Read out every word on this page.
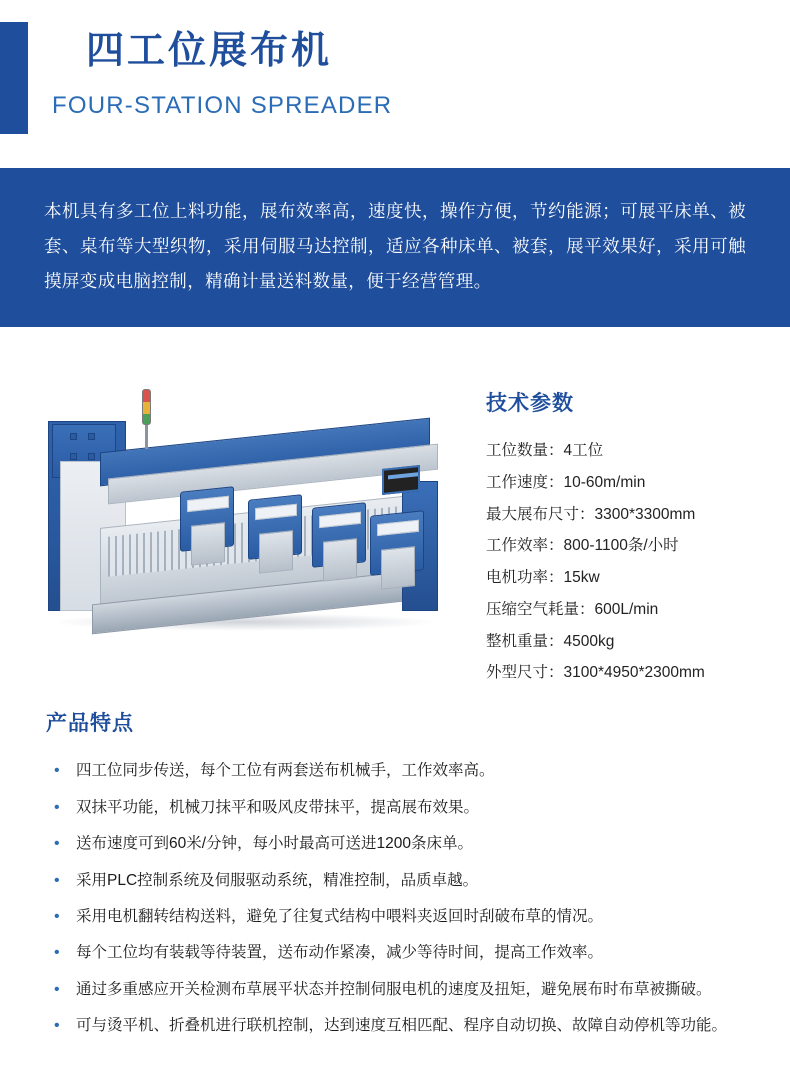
四工位展布机
FOUR-STATION SPREADER
本机具有多工位上料功能，展布效率高，速度快，操作方便，节约能源；可展平床单、被套、桌布等大型织物，采用伺服马达控制，适应各种床单、被套，展平效果好，采用可触摸屏变成电脑控制，精确计量送料数量，便于经营管理。
技术参数
工位数量：4工位
工作速度：10-60m/min
最大展布尺寸：3300*3300mm
工作效率：800-1100条/小时
电机功率：15kw
压缩空气耗量：600L/min
整机重量：4500kg
外型尺寸：3100*4950*2300mm
产品特点
•	四工位同步传送，每个工位有两套送布机械手，工作效率高。
•	双抹平功能，机械刀抹平和吸风皮带抹平，提高展布效果。
•	送布速度可到60米/分钟，每小时最高可送进1200条床单。
•	采用PLC控制系统及伺服驱动系统，精准控制，品质卓越。
•	采用电机翻转结构送料，避免了往复式结构中喂料夹返回时刮破布草的情况。
•	每个工位均有装载等待装置，送布动作紧凑，减少等待时间，提高工作效率。
•	通过多重感应开关检测布草展平状态并控制伺服电机的速度及扭矩，避免展布时布草被撕破。
•	可与烫平机、折叠机进行联机控制，达到速度互相匹配、程序自动切换、故障自动停机等功能。
